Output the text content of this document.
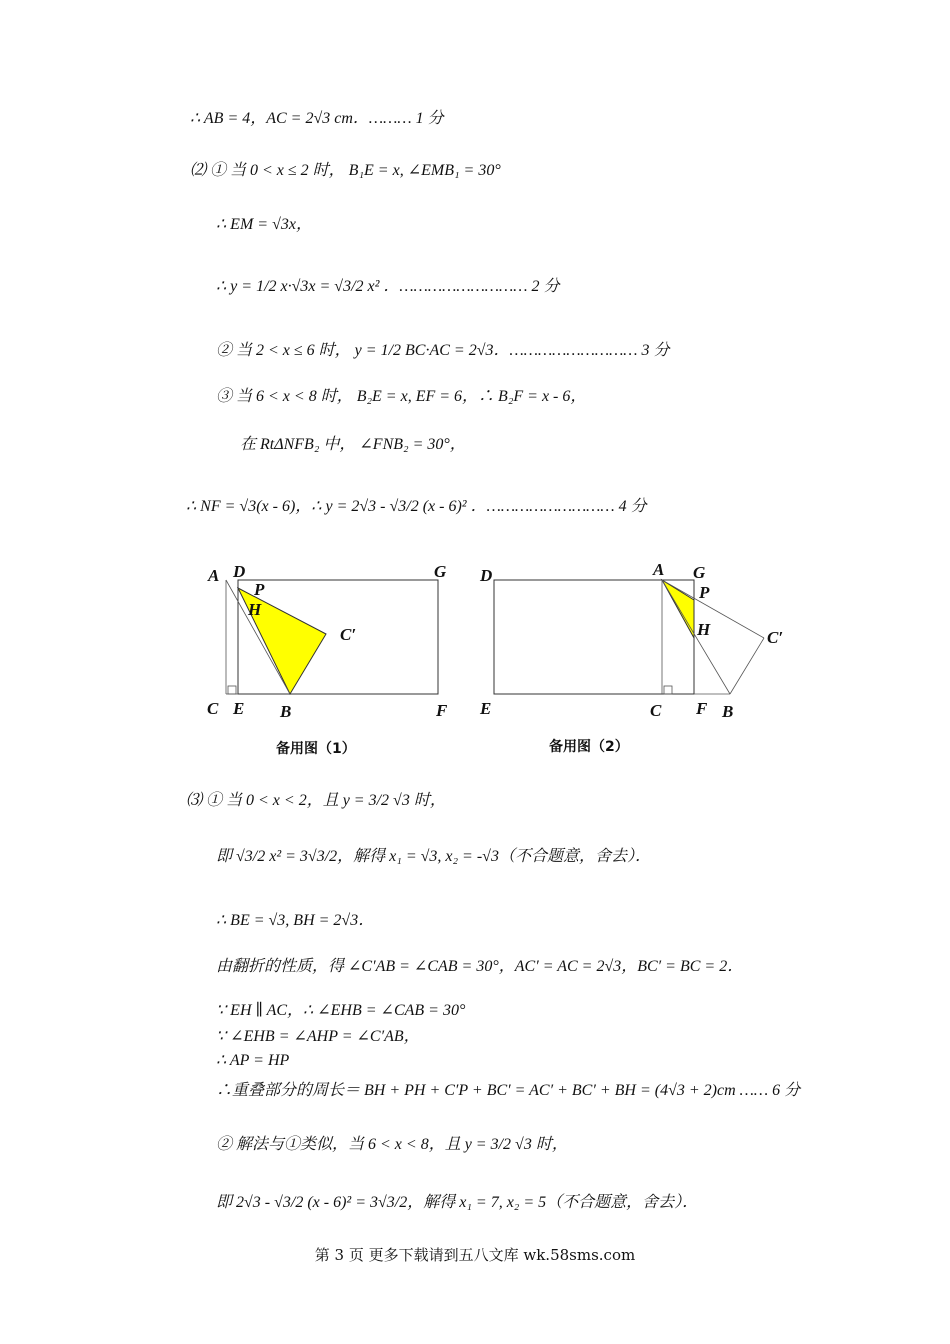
∴ AB = 4，AC = 2√3 cm．……… 1 分
⑵ ① 当 0 < x ≤ 2 时， B₁E = x, ∠EMB₁ = 30°
∴ EM = √3x，
∴ y = 1/2 x·√3x = √3/2 x² ．……………………… 2 分
② 当 2 < x ≤ 6 时， y = 1/2 BC·AC = 2√3．……………………… 3 分
③ 当 6 < x < 8 时， B₂E = x, EF = 6，∴ B₂F = x - 6，
在 RtΔNFB₂ 中， ∠FNB₂ = 30°，
∴ NF = √3(x - 6)，∴ y = 2√3 - √3/2 (x - 6)² ．……………………… 4 分
A D
P
H
G
C′
C E B	F
备用图（1）
D	A G
P
H	C′
E	C F B
备用图（2）
⑶ ① 当 0 < x < 2，且 y = 3/2 √3 时，
即 √3/2 x² = 3√3/2，解得 x₁ = √3, x₂ = -√3（不合题意，舍去）．
∴ BE = √3, BH = 2√3．
由翻折的性质，得 ∠C′AB = ∠CAB = 30°，AC′ = AC = 2√3，BC′ = BC = 2．
∵ EH ∥ AC，∴ ∠EHB = ∠CAB = 30°
∵ ∠EHB = ∠AHP = ∠C′AB，
∴ AP = HP
∴重叠部分的周长＝ BH + PH + C′P + BC′ = AC′ + BC′ + BH = (4√3 + 2)cm …… 6 分
② 解法与①类似，当 6 < x < 8，且 y = 3/2 √3 时，
即 2√3 - √3/2 (x - 6)² = 3√3/2，解得 x₁ = 7, x₂ = 5（不合题意，舍去）．
第 3 页 更多下载请到五八文库 wk.58sms.com
